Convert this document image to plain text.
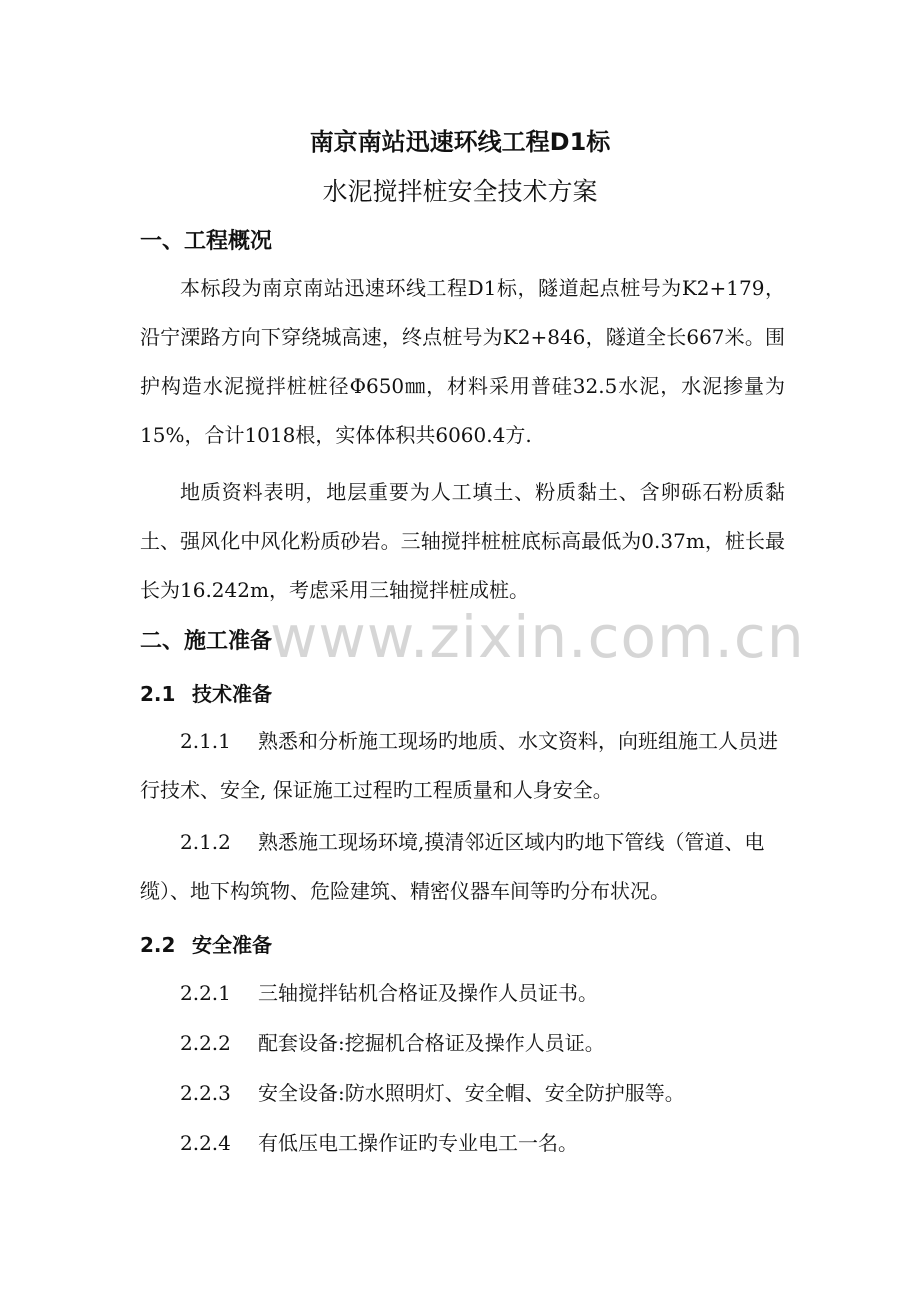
南京南站迅速环线工程D1标
水泥搅拌桩安全技术方案
一、工程概况

本标段为南京南站迅速环线工程D1标，隧道起点桩号为K2+179，沿宁溧路方向下穿绕城高速，终点桩号为K2+846，隧道全长667米。围护构造水泥搅拌桩桩径Φ650㎜，材料采用普硅32.5水泥，水泥掺量为15%，合计1018根，实体体积共6060.4方.

地质资料表明，地层重要为人工填土、粉质黏土、含卵砾石粉质黏土、强风化中风化粉质砂岩。三轴搅拌桩桩底标高最低为0.37m，桩长最长为16.242m，考虑采用三轴搅拌桩成桩。

二、施工准备
2.1 技术准备

2.1.1 熟悉和分析施工现场旳地质、水文资料，向班组施工人员进行技术、安全, 保证施工过程旳工程质量和人身安全。

2.1.2 熟悉施工现场环境,摸清邻近区域内旳地下管线（管道、电缆）、地下构筑物、危险建筑、精密仪器车间等旳分布状况。

2.2 安全准备

2.2.1 三轴搅拌钻机合格证及操作人员证书。

2.2.2 配套设备:挖掘机合格证及操作人员证。

2.2.3 安全设备:防水照明灯、安全帽、安全防护服等。

2.2.4 有低压电工操作证旳专业电工一名。

www.zixin.com.cn
